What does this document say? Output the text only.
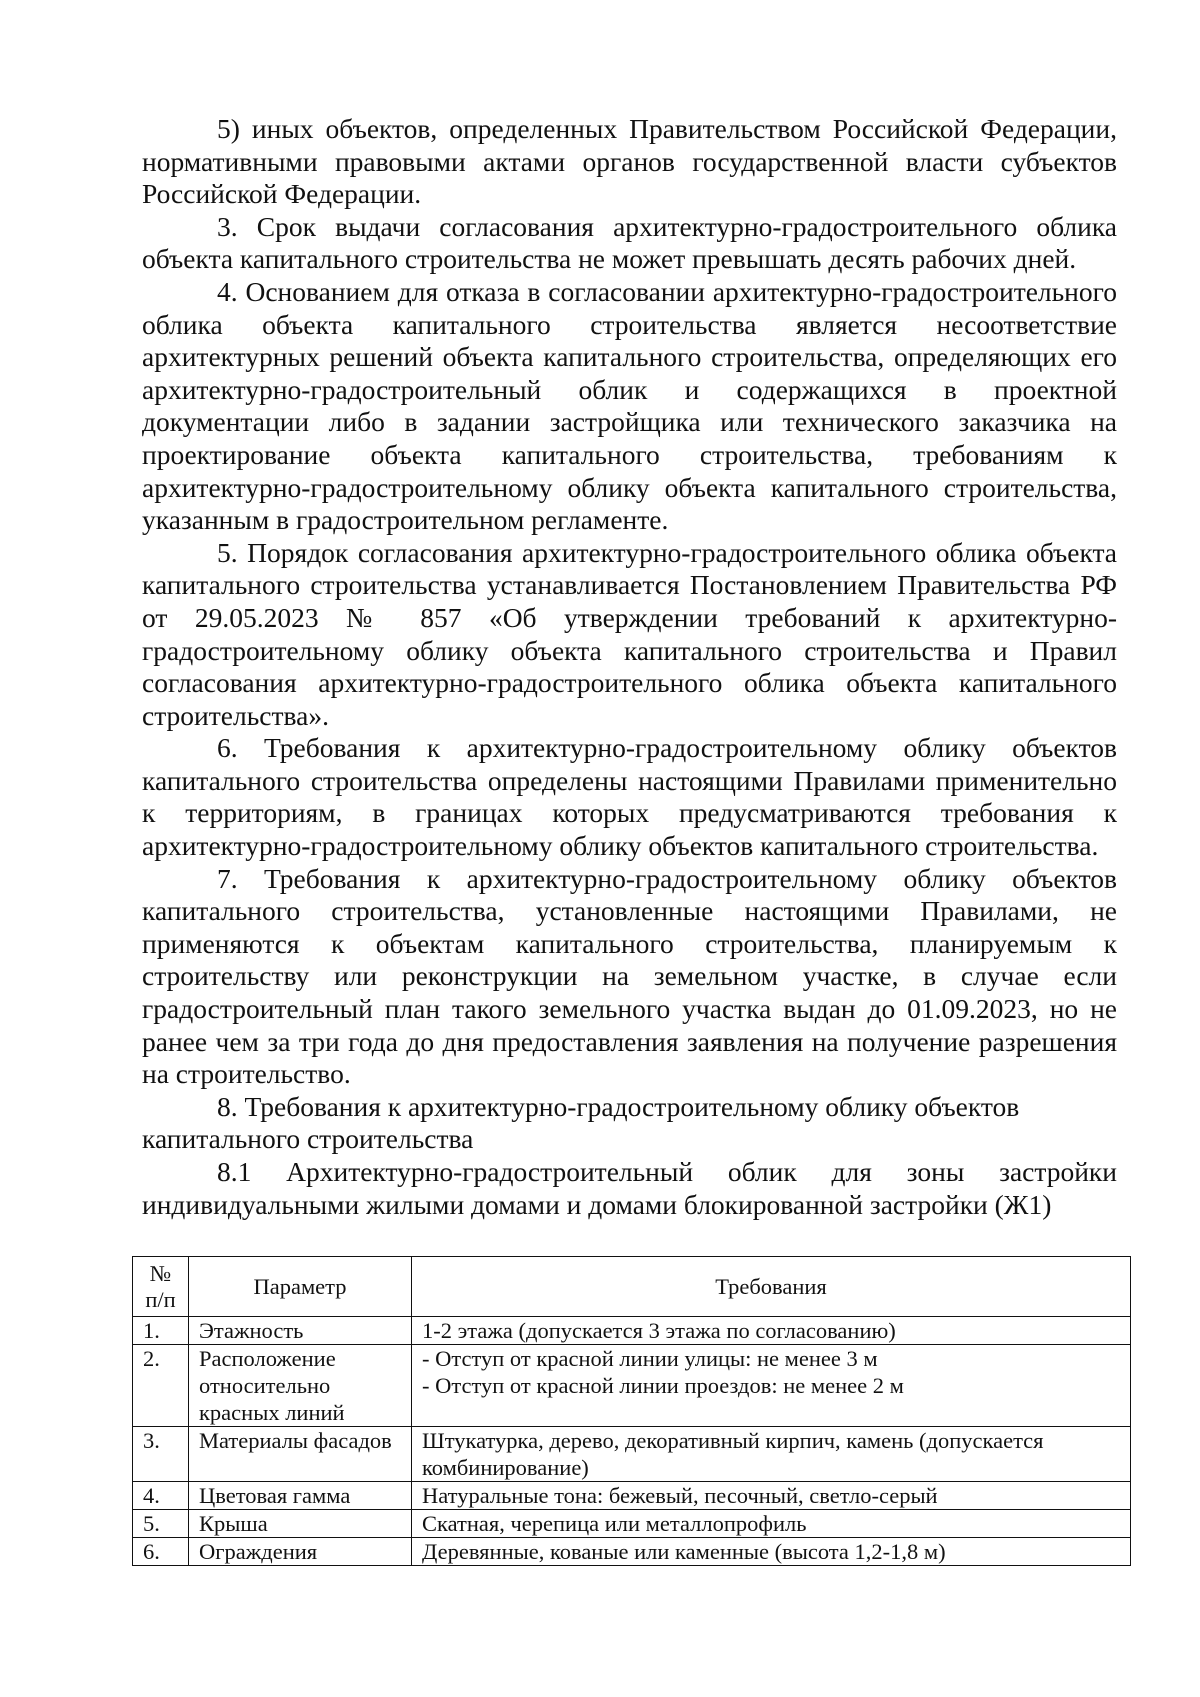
5) иных объектов, определенных Правительством Российской Федерации, нормативными правовыми актами органов государственной власти субъектов Российской Федерации.

3. Срок выдачи согласования архитектурно-градостроительного облика объекта капитального строительства не может превышать десять рабочих дней.

4. Основанием для отказа в согласовании архитектурно-градостроительного облика объекта капитального строительства является несоответствие архитектурных решений объекта капитального строительства, определяющих его архитектурно-градостроительный облик и содержащихся в проектной документации либо в задании застройщика или технического заказчика на проектирование объекта капитального строительства, требованиям к архитектурно-градостроительному облику объекта капитального строительства, указанным в градостроительном регламенте.

5. Порядок согласования архитектурно-градостроительного облика объекта капитального строительства устанавливается Постановлением Правительства РФ от 29.05.2023 № 857 «Об утверждении требований к архитектурно-градостроительному облику объекта капитального строительства и Правил согласования архитектурно-градостроительного облика объекта капитального строительства».

6. Требования к архитектурно-градостроительному облику объектов капитального строительства определены настоящими Правилами применительно к территориям, в границах которых предусматриваются требования к архитектурно-градостроительному облику объектов капитального строительства.

7. Требования к архитектурно-градостроительному облику объектов капитального строительства, установленные настоящими Правилами, не применяются к объектам капитального строительства, планируемым к строительству или реконструкции на земельном участке, в случае если градостроительный план такого земельного участка выдан до 01.09.2023, но не ранее чем за три года до дня предоставления заявления на получение разрешения на строительство.

8. Требования к архитектурно-градостроительному облику объектов капитального строительства

8.1 Архитектурно-градостроительный облик для зоны застройки индивидуальными жилыми домами и домами блокированной застройки (Ж1)

№ п/п	Параметр	Требования
1.	Этажность	1-2 этажа (допускается 3 этажа по согласованию)

2.	Расположение относительно красных линий	- Отступ от красной линии улицы: не менее 3 м
- Отступ от красной линии проездов: не менее 2 м

3.	Материалы фасадов	Штукатурка, дерево, декоративный кирпич, камень (допускается комбинирование)

4.	Цветовая гамма	Натуральные тона: бежевый, песочный, светло-серый

5.	Крыша	Скатная, черепица или металлопрофиль

6.	Ограждения	Деревянные, кованые или каменные (высота 1,2-1,8 м)
